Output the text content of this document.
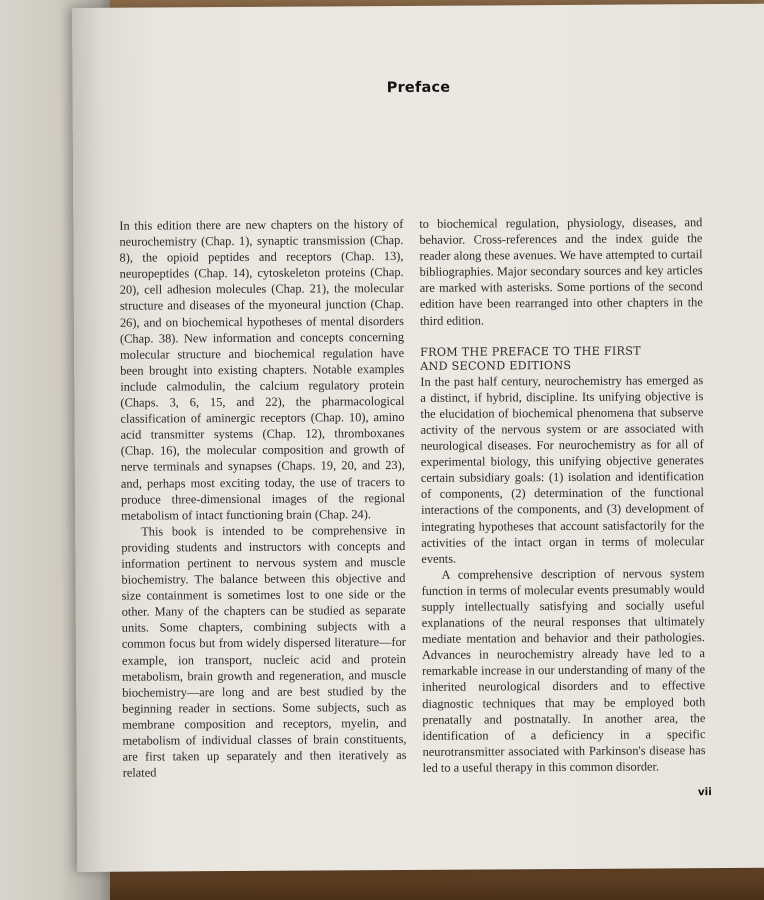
Preface

In this edition there are new chapters on the history of neurochemistry (Chap. 1), synaptic transmission (Chap. 8), the opioid peptides and receptors (Chap. 13), neuropeptides (Chap. 14), cytoskeleton proteins (Chap. 20), cell adhesion molecules (Chap. 21), the molecular structure and diseases of the myoneural junction (Chap. 26), and on biochemical hypotheses of mental disorders (Chap. 38). New information and concepts concerning molecular structure and biochemical regulation have been brought into existing chapters. Notable examples include calmodulin, the calcium regulatory protein (Chaps. 3, 6, 15, and 22), the pharmacological classification of aminergic receptors (Chap. 10), amino acid transmitter systems (Chap. 12), thromboxanes (Chap. 16), the molecular composition and growth of nerve terminals and synapses (Chaps. 19, 20, and 23), and, perhaps most exciting today, the use of tracers to produce three-dimensional images of the regional metabolism of intact functioning brain (Chap. 24).

This book is intended to be comprehensive in providing students and instructors with concepts and information pertinent to nervous system and muscle biochemistry. The balance between this objective and size containment is sometimes lost to one side or the other. Many of the chapters can be studied as separate units. Some chapters, combining subjects with a common focus but from widely dispersed literature—for example, ion transport, nucleic acid and protein metabolism, brain growth and regeneration, and muscle biochemistry—are long and are best studied by the beginning reader in sections. Some subjects, such as membrane composition and receptors, myelin, and metabolism of individual classes of brain constituents, are first taken up separately and then iteratively as related

to biochemical regulation, physiology, diseases, and behavior. Cross-references and the index guide the reader along these avenues. We have attempted to curtail bibliographies. Major secondary sources and key articles are marked with asterisks. Some portions of the second edition have been rearranged into other chapters in the third edition.

FROM THE PREFACE TO THE FIRST AND SECOND EDITIONS

In the past half century, neurochemistry has emerged as a distinct, if hybrid, discipline. Its unifying objective is the elucidation of biochemical phenomena that subserve activity of the nervous system or are associated with neurological diseases. For neurochemistry as for all of experimental biology, this unifying objective generates certain subsidiary goals: (1) isolation and identification of components, (2) determination of the functional interactions of the components, and (3) development of integrating hypotheses that account satisfactorily for the activities of the intact organ in terms of molecular events.

A comprehensive description of nervous system function in terms of molecular events presumably would supply intellectually satisfying and socially useful explanations of the neural responses that ultimately mediate mentation and behavior and their pathologies. Advances in neurochemistry already have led to a remarkable increase in our understanding of many of the inherited neurological disorders and to effective diagnostic techniques that may be employed both prenatally and postnatally. In another area, the identification of a deficiency in a specific neurotransmitter associated with Parkinson's disease has led to a useful therapy in this common disorder.

vii
